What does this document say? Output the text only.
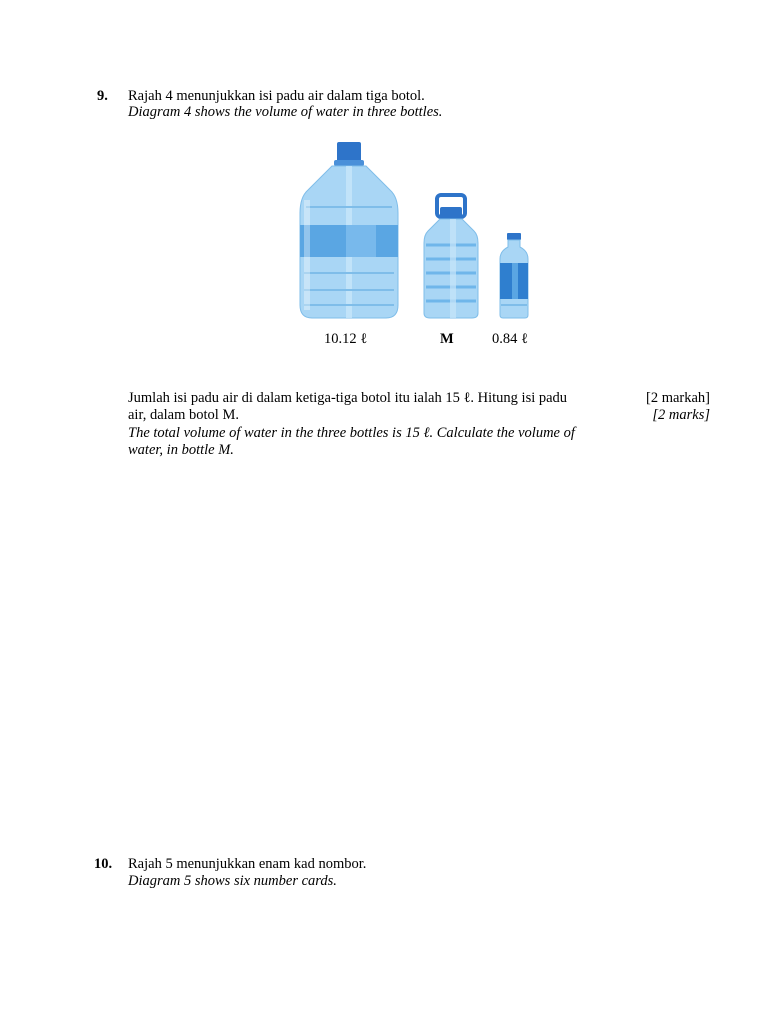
9. Rajah 4 menunjukkan isi padu air dalam tiga botol.
Diagram 4 shows the volume of water in three bottles.
10.12 ℓ	M	0.84 ℓ
Jumlah isi padu air di dalam ketiga-tiga botol itu ialah 15 ℓ. Hitung isi padu
air, dalam botol M.
The total volume of water in the three bottles is 15 ℓ. Calculate the volume of
water, in bottle M.
[2 markah]
[2 marks]
10. Rajah 5 menunjukkan enam kad nombor.
Diagram 5 shows six number cards.
